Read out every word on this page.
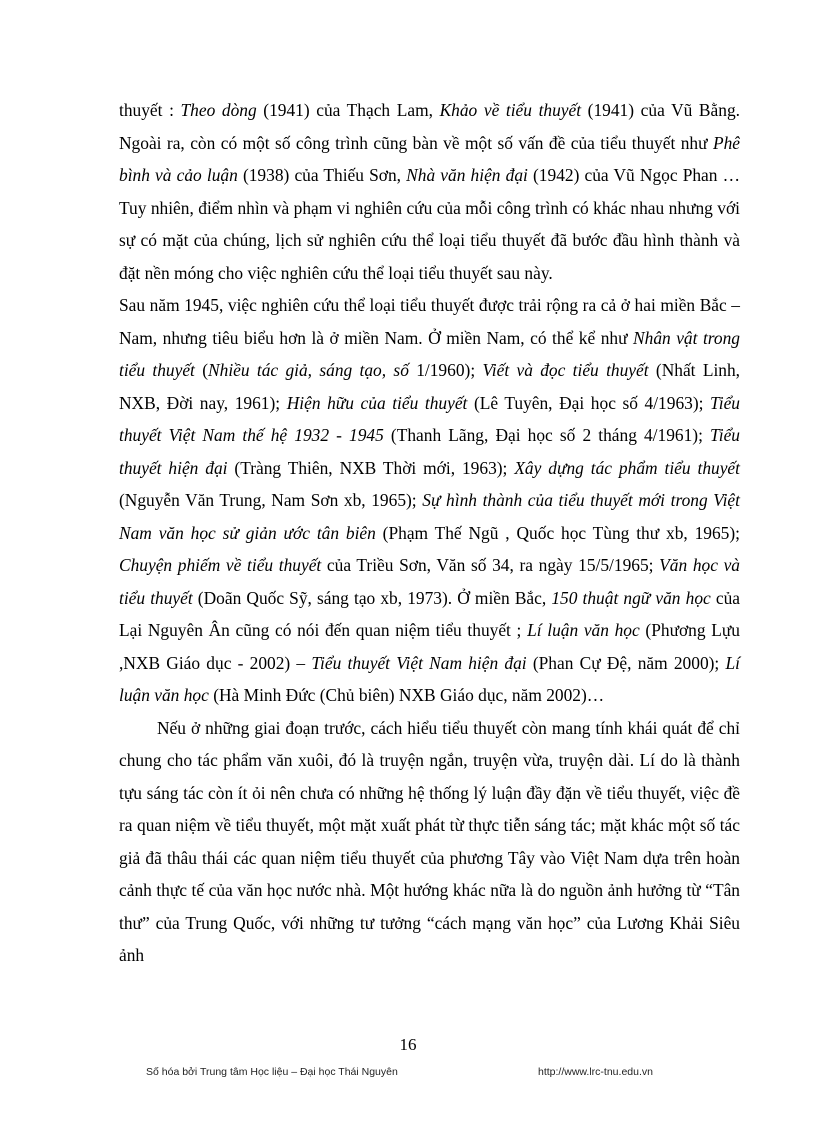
thuyết : Theo dòng (1941) của Thạch Lam, Khảo về tiểu thuyết (1941) của Vũ Bằng. Ngoài ra, còn có một số công trình cũng bàn về một số vấn đề của tiểu thuyết như Phê bình và cảo luận (1938) của Thiếu Sơn, Nhà văn hiện đại (1942) của Vũ Ngọc Phan … Tuy nhiên, điểm nhìn và phạm vi nghiên cứu của mỗi công trình có khác nhau nhưng với sự có mặt của chúng, lịch sử nghiên cứu thể loại tiểu thuyết đã bước đầu hình thành và đặt nền móng cho việc nghiên cứu thể loại tiểu thuyết sau này.

Sau năm 1945, việc nghiên cứu thể loại tiểu thuyết được trải rộng ra cả ở hai miền Bắc – Nam, nhưng tiêu biểu hơn là ở miền Nam. Ở miền Nam, có thể kể như Nhân vật trong tiểu thuyết (Nhiều tác giả, sáng tạo, số 1/1960); Viết và đọc tiểu thuyết (Nhất Linh, NXB, Đời nay, 1961); Hiện hữu của tiểu thuyết (Lê Tuyên, Đại học số 4/1963); Tiểu thuyết Việt Nam thế hệ 1932 - 1945 (Thanh Lãng, Đại học số 2 tháng 4/1961); Tiểu thuyết hiện đại (Tràng Thiên, NXB Thời mới, 1963); Xây dựng tác phẩm tiểu thuyết (Nguyễn Văn Trung, Nam Sơn xb, 1965); Sự hình thành của tiểu thuyết mới trong Việt Nam văn học sử giản ước tân biên (Phạm Thế Ngũ , Quốc học Tùng thư xb, 1965); Chuyện phiếm về tiểu thuyết của Triều Sơn, Văn số 34, ra ngày 15/5/1965; Văn học và tiểu thuyết (Doãn Quốc Sỹ, sáng tạo xb, 1973). Ở miền Bắc, 150 thuật ngữ văn học của Lại Nguyên Ân cũng có nói đến quan niệm tiểu thuyết ; Lí luận văn học (Phương Lựu ,NXB Giáo dục - 2002) – Tiểu thuyết Việt Nam hiện đại (Phan Cự Đệ, năm 2000); Lí luận văn học (Hà Minh Đức (Chủ biên) NXB Giáo dục, năm 2002)…

Nếu ở những giai đoạn trước, cách hiểu tiểu thuyết còn mang tính khái quát để chỉ chung cho tác phẩm văn xuôi, đó là truyện ngắn, truyện vừa, truyện dài. Lí do là thành tựu sáng tác còn ít ỏi nên chưa có những hệ thống lý luận đầy đặn về tiểu thuyết, việc đề ra quan niệm về tiểu thuyết, một mặt xuất phát từ thực tiễn sáng tác; mặt khác một số tác giả đã thâu thái các quan niệm tiểu thuyết của phương Tây vào Việt Nam dựa trên hoàn cảnh thực tế của văn học nước nhà. Một hướng khác nữa là do nguồn ảnh hưởng từ “Tân thư” của Trung Quốc, với những tư tưởng “cách mạng văn học” của Lương Khải Siêu ảnh

16
Số hóa bởi Trung tâm Học liệu – Đại học Thái Nguyên	http://www.lrc-tnu.edu.vn
